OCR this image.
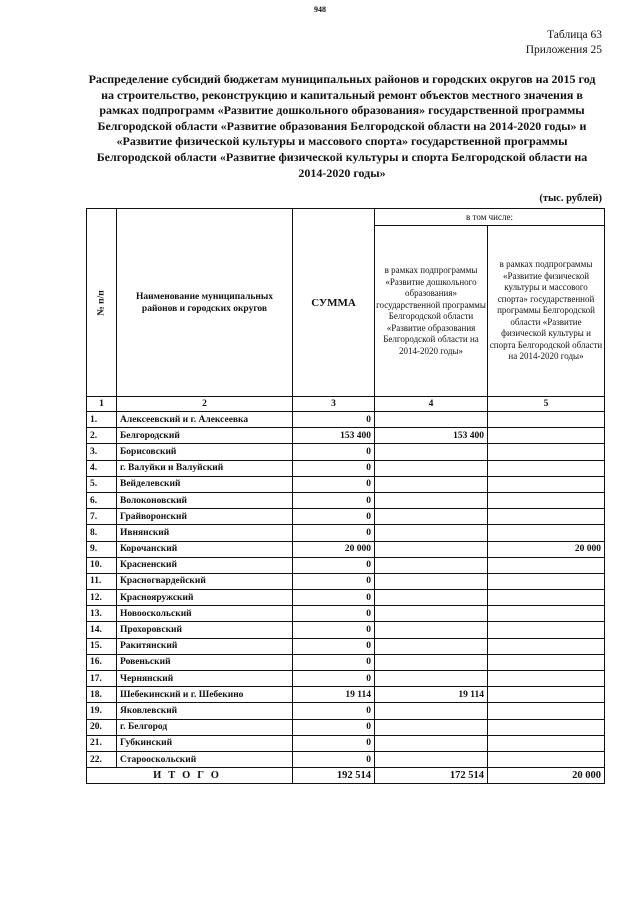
948
Таблица 63
Приложения 25
Распределение субсидий бюджетам муниципальных районов и городских округов на 2015 год на строительство, реконструкцию и капитальный ремонт объектов местного значения в рамках подпрограмм «Развитие дошкольного образования» государственной программы Белгородской области «Развитие образования Белгородской области на 2014-2020 годы» и «Развитие физической культуры и массового спорта» государственной программы Белгородской области «Развитие физической культуры и спорта Белгородской области на 2014-2020 годы»
(тыс. рублей)
№ п/п	Наименование муниципальных районов и городских округов	СУММА	в том числе:	
			в рамках подпрограммы «Развитие дошкольного образования» государственной программы Белгородской области «Развитие образования Белгородской области на 2014-2020 годы»	в рамках подпрограммы «Развитие физической культуры и массового спорта» государственной программы Белгородской области «Развитие физической культуры и спорта Белгородской области на 2014-2020 годы»
1	2	3	4	5
1.	Алексеевский и г. Алексеевка	0		
2.	Белгородский	153 400	153 400	
3.	Борисовский	0		
4.	г. Валуйки и Валуйский	0		
5.	Вейделевский	0		
6.	Волоконовский	0		
7.	Грайворонский	0		
8.	Ивнянский	0		
9.	Корочанский	20 000		20 000
10.	Красненский	0		
11.	Красногвардейский	0		
12.	Краснояружский	0		
13.	Новооскольский	0		
14.	Прохоровский	0		
15.	Ракитянский	0		
16.	Ровеньский	0		
17.	Чернянский	0		
18.	Шебекинский и г. Шебекино	19 114	19 114	
19.	Яковлевский	0		
20.	г. Белгород	0		
21.	Губкинский	0		
22.	Старооскольский	0		
ИТОГО		192 514	172 514	20 000
